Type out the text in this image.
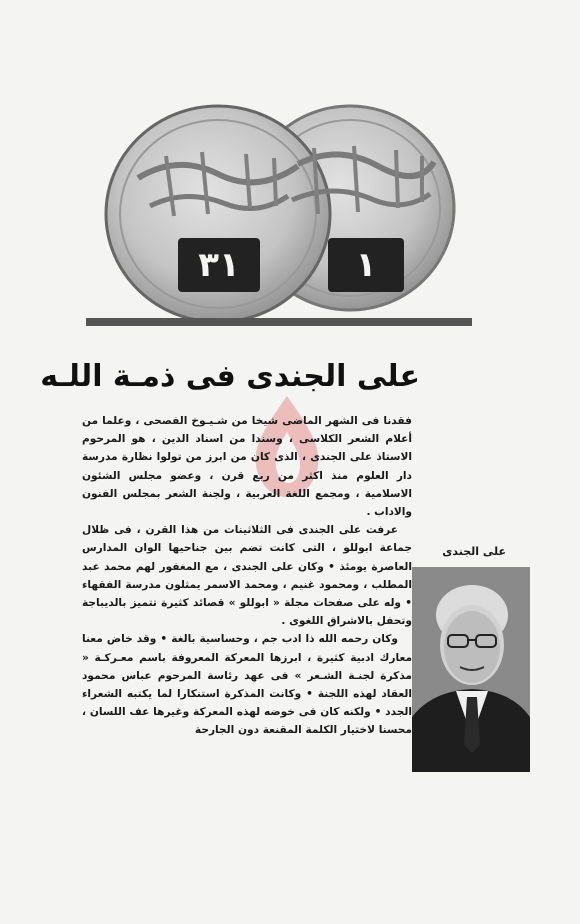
٣١	١
على الجندى فى ذمـة اللـه

فقدنا فى الشهر الماضى شيخا من شـيـوخ الفصحى ، وعلما من أعلام الشعر الكلاسى ، وسندا من اسناد الدين ، هو المرحوم الاستاذ على الجندى ، الذى كان من ابرز من تولوا نظارة مدرسة دار العلوم منذ اكثر من ربع قرن ، وعضو مجلس الشئون الاسلامية ، ومجمع اللغة العربية ، ولجنة الشعر بمجلس الفنون والاداب .

عرفت على الجندى فى الثلاثينات من هذا القرن ، فى ظلال جماعة ابوللو ، التى كانت تضم بين جناحيها الوان المدارس العاصرة يومئذ • وكان على الجندى ، مع المغفور لهم محمد عبد المطلب ، ومحمود غنيم ، ومحمد الاسمر يمثلون مدرسة الفقهاء • وله على صفحات مجلة « ابوللو » قصائد كثيرة تتميز بالديباجة وتحفل بالاشراق اللغوى .

وكان رحمه الله ذا ادب جم ، وحساسية بالغة • وقد خاض معنا معارك ادبية كثيرة ، ابرزها المعركة المعروفة باسم معـركـة « مذكرة لجنـة الشـعر » فى عهد رئاسة المرحوم عباس محمود العقاد لهذه اللجنة • وكانت المذكرة استنكارا لما يكتبه الشعراء الجدد • ولكنه كان فى خوضه لهذه المعركة وغيرها عف اللسان ، محسنا لاختيار الكلمة المقنعة دون الجارحة

على الجندى
